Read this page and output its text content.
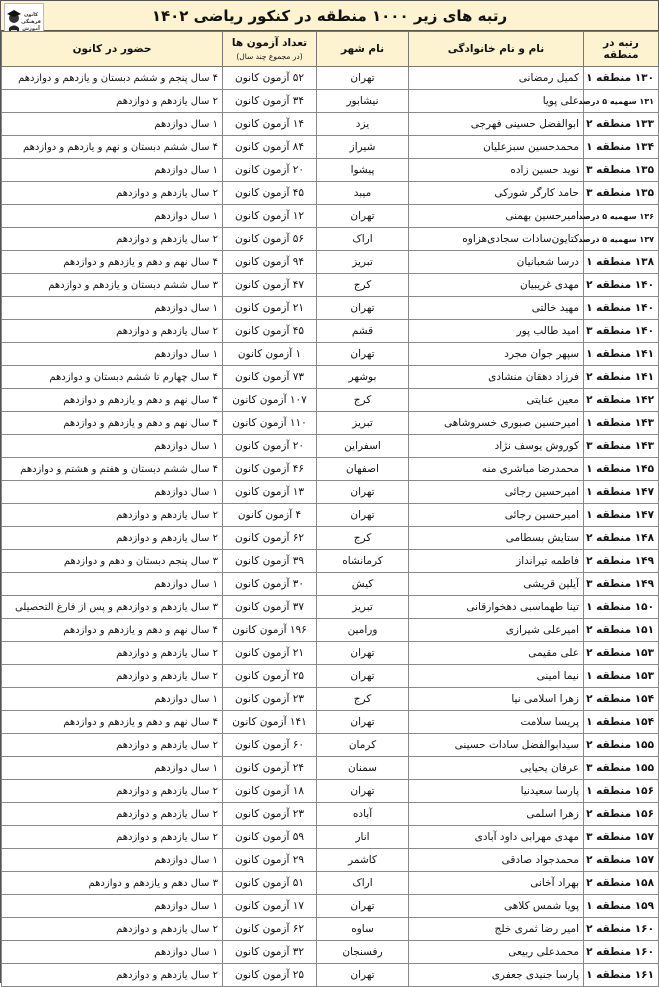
رتبه های زیر ۱۰۰۰ منطقه در کنکور ریاضی ۱۴۰۲
کانون فرهنگی آموزش
رتبه در منطقه	نام و نام خانوادگی	نام شهر	تعداد آزمون ها
(در مجموع چند سال)	حضور در کانون
۱۳۰ منطقه ۱	کمیل رمضانی	تهران	۵۲ آزمون کانون	۴ سال پنجم و ششم دبستان و یازدهم و دوازدهم
۱۳۱ سهمیه ۵ درصد	علی پویا	نیشابور	۳۴ آزمون کانون	۲ سال یازدهم و دوازدهم
۱۳۳ منطقه ۲	ابوالفضل حسینی فهرجی	یزد	۱۴ آزمون کانون	۱ سال دوازدهم
۱۳۴ منطقه ۱	محمدحسین سبزعلیان	شیراز	۸۴ آزمون کانون	۴ سال ششم دبستان و نهم و یازدهم و دوازدهم
۱۳۵ منطقه ۳	نوید حسین زاده	پیشوا	۲۰ آزمون کانون	۱ سال دوازدهم
۱۳۵ منطقه ۳	حامد کارگر شورکی	میبد	۴۵ آزمون کانون	۲ سال یازدهم و دوازدهم
۱۳۶ سهمیه ۵ درصد	امیرحسین بهمنی	تهران	۱۲ آزمون کانون	۱ سال دوازدهم
۱۳۷ سهمیه ۵ درصد	کتایون‌سادات سجادی‌هزاوه‌	اراک	۵۶ آزمون کانون	۲ سال یازدهم و دوازدهم
۱۳۸ منطقه ۱	درسا شعبانیان	تبریز	۹۴ آزمون کانون	۴ سال نهم و دهم و یازدهم و دوازدهم
۱۴۰ منطقه ۲	مهدی غریبیان	کرج	۴۷ آزمون کانون	۳ سال ششم دبستان و یازدهم و دوازدهم
۱۴۰ منطقه ۱	مهید خالتی	تهران	۲۱ آزمون کانون	۱ سال دوازدهم
۱۴۰ منطقه ۳	امید طالب پور	قشم	۴۵ آزمون کانون	۲ سال یازدهم و دوازدهم
۱۴۱ منطقه ۱	سپهر جوان مجرد	تهران	۱ آزمون کانون	۱ سال دوازدهم
۱۴۱ منطقه ۲	فرزاد دهقان منشادی	بوشهر	۷۳ آزمون کانون	۴ سال چهارم تا ششم دبستان و دوازدهم
۱۴۲ منطقه ۲	معین عنایتی	کرج	۱۰۷ آزمون کانون	۴ سال نهم و دهم و یازدهم و دوازدهم
۱۴۳ منطقه ۱	امیرحسین صبوری خسروشاهی	تبریز	۱۱۰ آزمون کانون	۴ سال نهم و دهم و یازدهم و دوازدهم
۱۴۳ منطقه ۳	کوروش یوسف نژاد	اسفراین	۲۰ آزمون کانون	۱ سال دوازدهم
۱۴۵ منطقه ۱	محمدرضا مباشری منه	اصفهان	۴۶ آزمون کانون	۴ سال ششم دبستان و هفتم و هشتم و دوازدهم
۱۴۷ منطقه ۱	امیرحسین رجائی	تهران	۱۳ آزمون کانون	۱ سال دوازدهم
۱۴۷ منطقه ۱	امیرحسین رجائی	تهران	۴ آزمون کانون	۲ سال یازدهم و دوازدهم
۱۴۸ منطقه ۲	ستایش بسطامی	کرج	۶۲ آزمون کانون	۲ سال یازدهم و دوازدهم
۱۴۹ منطقه ۲	فاطمه تیرانداز	کرمانشاه	۳۹ آزمون کانون	۳ سال پنجم دبستان و دهم و دوازدهم
۱۴۹ منطقه ۳	آیلین قریشی	کیش	۳۰ آزمون کانون	۱ سال دوازدهم
۱۵۰ منطقه ۱	تینا طهماسبی دهخوارقانی	تبریز	۳۷ آزمون کانون	۳ سال یازدهم و دوازدهم و پس از فارغ التحصیلی
۱۵۱ منطقه ۲	امیرعلی شیرازی	ورامین	۱۹۶ آزمون کانون	۴ سال نهم و دهم و یازدهم و دوازدهم
۱۵۳ منطقه ۲	علی مقیمی	تهران	۲۱ آزمون کانون	۲ سال یازدهم و دوازدهم
۱۵۳ منطقه ۱	نیما امینی	تهران	۲۵ آزمون کانون	۲ سال یازدهم و دوازدهم
۱۵۴ منطقه ۲	زهرا اسلامی نیا	کرج	۲۳ آزمون کانون	۱ سال دوازدهم
۱۵۴ منطقه ۱	پریسا سلامت	تهران	۱۴۱ آزمون کانون	۴ سال نهم و دهم و یازدهم و دوازدهم
۱۵۵ منطقه ۲	سیدابوالفضل سادات حسینی	کرمان	۶۰ آزمون کانون	۲ سال یازدهم و دوازدهم
۱۵۵ منطقه ۳	عرفان یحیایی	سمنان	۲۴ آزمون کانون	۱ سال دوازدهم
۱۵۶ منطقه ۱	پارسا سعیدنیا	تهران	۱۸ آزمون کانون	۲ سال یازدهم و دوازدهم
۱۵۶ منطقه ۲	زهرا اسلمی	آباده	۲۳ آزمون کانون	۲ سال یازدهم و دوازدهم
۱۵۷ منطقه ۳	مهدی مهرابی داود آبادی	انار	۵۹ آزمون کانون	۲ سال یازدهم و دوازدهم
۱۵۷ منطقه ۲	محمدجواد صادقی	کاشمر	۲۹ آزمون کانون	۱ سال دوازدهم
۱۵۸ منطقه ۲	بهراد آخانی	اراک	۵۱ آزمون کانون	۳ سال دهم و یازدهم و دوازدهم
۱۵۹ منطقه ۱	پویا شمس کلاهی	تهران	۱۷ آزمون کانون	۱ سال دوازدهم
۱۶۰ منطقه ۲	امیر رضا ثمری خلج	ساوه	۶۲ آزمون کانون	۲ سال یازدهم و دوازدهم
۱۶۰ منطقه ۲	محمدعلی ربیعی	رفسنجان	۳۲ آزمون کانون	۱ سال دوازدهم
۱۶۱ منطقه ۱	پارسا جنیدی جعفری	تهران	۲۵ آزمون کانون	۲ سال یازدهم و دوازدهم
